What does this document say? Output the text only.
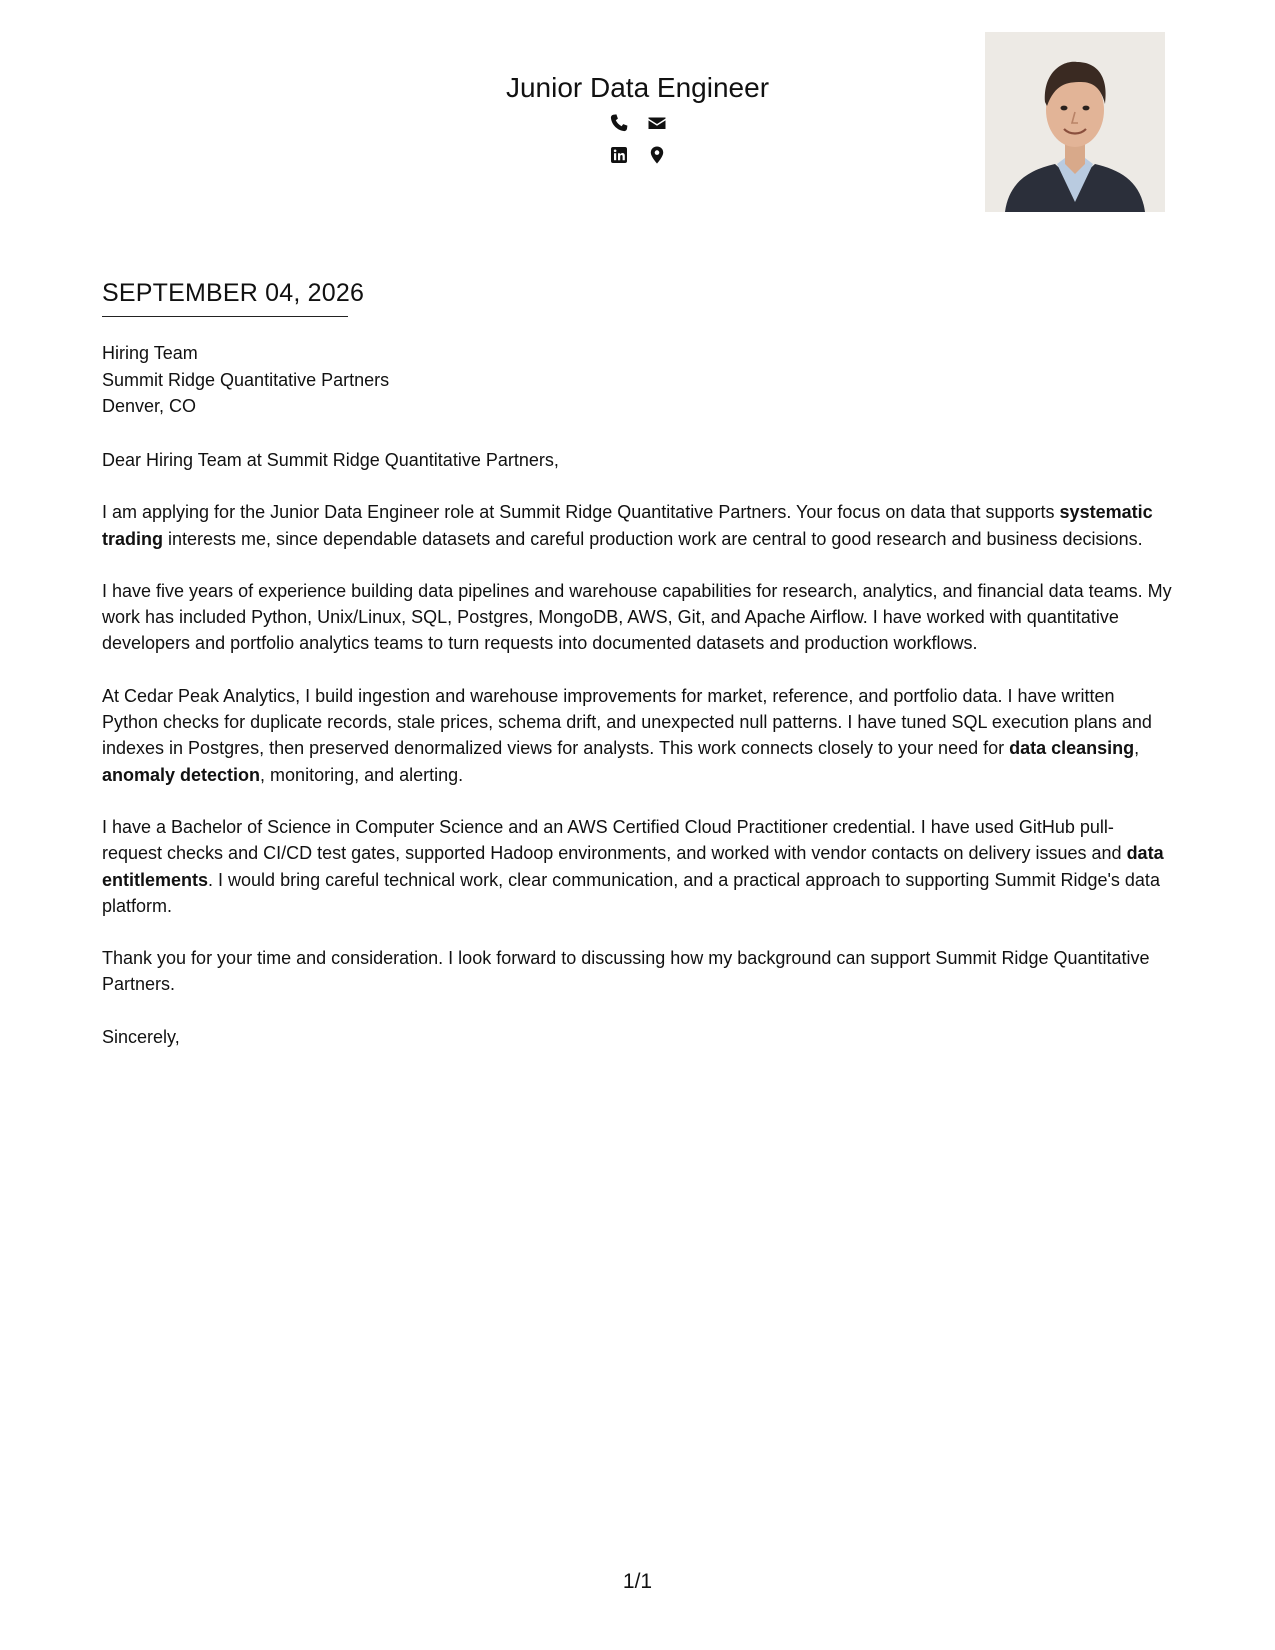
Junior Data Engineer
SEPTEMBER 04, 2026
Hiring Team
Summit Ridge Quantitative Partners
Denver, CO

Dear Hiring Team at Summit Ridge Quantitative Partners,

I am applying for the Junior Data Engineer role at Summit Ridge Quantitative Partners. Your focus on data that supports systematic trading interests me, since dependable datasets and careful production work are central to good research and business decisions.

I have five years of experience building data pipelines and warehouse capabilities for research, analytics, and financial data teams. My work has included Python, Unix/Linux, SQL, Postgres, MongoDB, AWS, Git, and Apache Airflow. I have worked with quantitative developers and portfolio analytics teams to turn requests into documented datasets and production workflows.

At Cedar Peak Analytics, I build ingestion and warehouse improvements for market, reference, and portfolio data. I have written Python checks for duplicate records, stale prices, schema drift, and unexpected null patterns. I have tuned SQL execution plans and indexes in Postgres, then preserved denormalized views for analysts. This work connects closely to your need for data cleansing, anomaly detection, monitoring, and alerting.

I have a Bachelor of Science in Computer Science and an AWS Certified Cloud Practitioner credential. I have used GitHub pull-request checks and CI/CD test gates, supported Hadoop environments, and worked with vendor contacts on delivery issues and data entitlements. I would bring careful technical work, clear communication, and a practical approach to supporting Summit Ridge's data platform.

Thank you for your time and consideration. I look forward to discussing how my background can support Summit Ridge Quantitative Partners.

Sincerely,

1/1
